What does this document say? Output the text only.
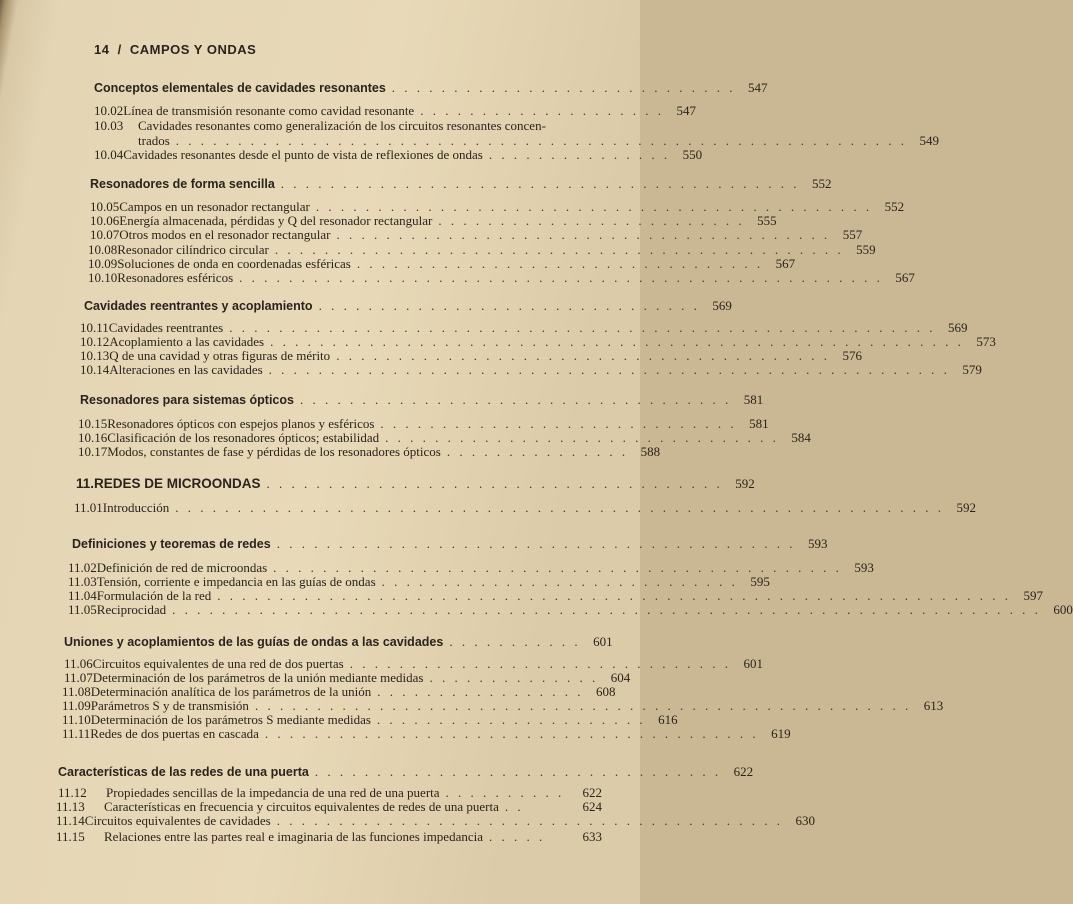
14 / CAMPOS Y ONDAS
Conceptos elementales de cavidades resonantes . . . . . . . . . . . . . . . . . . . . . . . . . . . . 547
10.02 Línea de transmisión resonante como cavidad resonante . . . . . . . . . . . . . . . . . . . . 547
10.03	Cavidades resonantes como generalización de los circuitos resonantes concen-
trados . . . . . . . . . . . . . . . . . . . . . . . . . . . . . . . . . . . . . . . . . . . . . . . . . . . . . . . . . . . 549
10.04 Cavidades resonantes desde el punto de vista de reflexiones de ondas . . . . . . . . . . . . . . . 550
Resonadores de forma sencilla . . . . . . . . . . . . . . . . . . . . . . . . . . . . . . . . . . . . . . . . . . 552
10.05 Campos en un resonador rectangular . . . . . . . . . . . . . . . . . . . . . . . . . . . . . . . . . . . . . . . . . . . . . 552
10.06 Energía almacenada, pérdidas y Q del resonador rectangular . . . . . . . . . . . . . . . . . . . . . . . . . 555
10.07 Otros modos en el resonador rectangular . . . . . . . . . . . . . . . . . . . . . . . . . . . . . . . . . . . . . . . . 557
10.08 Resonador cilíndrico circular . . . . . . . . . . . . . . . . . . . . . . . . . . . . . . . . . . . . . . . . . . . . . . 559
10.09 Soluciones de onda en coordenadas esféricas . . . . . . . . . . . . . . . . . . . . . . . . . . . . . . . . . 567
10.10 Resonadores esféricos . . . . . . . . . . . . . . . . . . . . . . . . . . . . . . . . . . . . . . . . . . . . . . . . . . . . 567
Cavidades reentrantes y acoplamiento . . . . . . . . . . . . . . . . . . . . . . . . . . . . . . . 569
10.11 Cavidades reentrantes . . . . . . . . . . . . . . . . . . . . . . . . . . . . . . . . . . . . . . . . . . . . . . . . . . . . . . . . . 569
10.12 Acoplamiento a las cavidades . . . . . . . . . . . . . . . . . . . . . . . . . . . . . . . . . . . . . . . . . . . . . . . . . . . . . . . . 573
10.13 Q de una cavidad y otras figuras de mérito . . . . . . . . . . . . . . . . . . . . . . . . . . . . . . . . . . . . . . . . 576
10.14 Alteraciones en las cavidades . . . . . . . . . . . . . . . . . . . . . . . . . . . . . . . . . . . . . . . . . . . . . . . . . . . . . . . 579
Resonadores para sistemas ópticos . . . . . . . . . . . . . . . . . . . . . . . . . . . . . . . . . . . 581
10.15 Resonadores ópticos con espejos planos y esféricos . . . . . . . . . . . . . . . . . . . . . . . . . . . . . 581
10.16 Clasificación de los resonadores ópticos; estabilidad . . . . . . . . . . . . . . . . . . . . . . . . . . . . . . . . 584
10.17 Modos, constantes de fase y pérdidas de los resonadores ópticos . . . . . . . . . . . . . . . 588
11. REDES DE MICROONDAS . . . . . . . . . . . . . . . . . . . . . . . . . . . . . . . . . . . . . 592
11.01 Introducción . . . . . . . . . . . . . . . . . . . . . . . . . . . . . . . . . . . . . . . . . . . . . . . . . . . . . . . . . . . . . . 592
Definiciones y teoremas de redes . . . . . . . . . . . . . . . . . . . . . . . . . . . . . . . . . . . . . . . . . . 593
11.02 Definición de red de microondas . . . . . . . . . . . . . . . . . . . . . . . . . . . . . . . . . . . . . . . . . . . . . . 593
11.03 Tensión, corriente e impedancia en las guías de ondas . . . . . . . . . . . . . . . . . . . . . . . . . . . . . 595
11.04 Formulación de la red . . . . . . . . . . . . . . . . . . . . . . . . . . . . . . . . . . . . . . . . . . . . . . . . . . . . . . . . . . . . . . . . 597
11.05 Reciprocidad . . . . . . . . . . . . . . . . . . . . . . . . . . . . . . . . . . . . . . . . . . . . . . . . . . . . . . . . . . . . . . . . . . . . . . 600
Uniones y acoplamientos de las guías de ondas a las cavidades . . . . . . . . . . . 601
11.06 Circuitos equivalentes de una red de dos puertas . . . . . . . . . . . . . . . . . . . . . . . . . . . . . . . 601
11.07 Determinación de los parámetros de la unión mediante medidas . . . . . . . . . . . . . . 604
11.08 Determinación analítica de los parámetros de la unión . . . . . . . . . . . . . . . . . 608
11.09 Parámetros S y de transmisión . . . . . . . . . . . . . . . . . . . . . . . . . . . . . . . . . . . . . . . . . . . . . . . . . . . . . 613
11.10 Determinación de los parámetros S mediante medidas . . . . . . . . . . . . . . . . . . . . . . 616
11.11 Redes de dos puertas en cascada . . . . . . . . . . . . . . . . . . . . . . . . . . . . . . . . . . . . . . . . 619
Características de las redes de una puerta . . . . . . . . . . . . . . . . . . . . . . . . . . . . . . . . . 622
11.12	Propiedades sencillas de la impedancia de una red de una puerta . . . . . . . . . .	622
11.13	Características en frecuencia y circuitos equivalentes de redes de una puerta . .	624
11.14 Circuitos equivalentes de cavidades . . . . . . . . . . . . . . . . . . . . . . . . . . . . . . . . . . . . . . . . . 630
11.15	Relaciones entre las partes real e imaginaria de las funciones impedancia . . . . .	633
